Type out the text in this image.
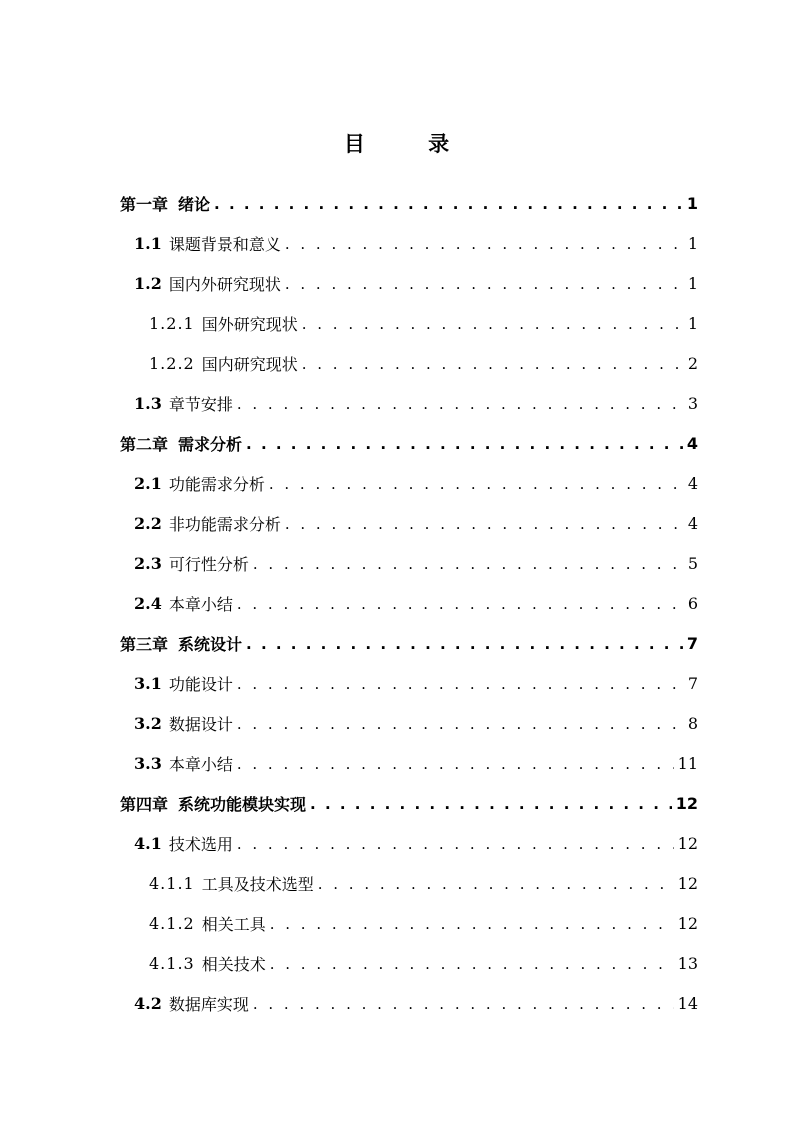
目 录
第一章 绪论 . . .	1
1.1 课题背景和意义 . . .	1
1.2 国内外研究现状 . . .	1
1.2.1 国外研究现状 . . .	1
1.2.2 国内研究现状 . . .	2
1.3 章节安排 . . .	3
第二章 需求分析 . . .	4
2.1 功能需求分析 . . .	4
2.2 非功能需求分析 . . .	4
2.3 可行性分析 . . .	5
2.4 本章小结 . . .	6
第三章 系统设计 . . .	7
3.1 功能设计 . . .	7
3.2 数据设计 . . .	8
3.3 本章小结 . . .	11
第四章 系统功能模块实现 . . .	12
4.1 技术选用 . . .	12
4.1.1 工具及技术选型 . . .	12
4.1.2 相关工具 . . .	12
4.1.3 相关技术 . . .	13
4.2 数据库实现 . . .	14
